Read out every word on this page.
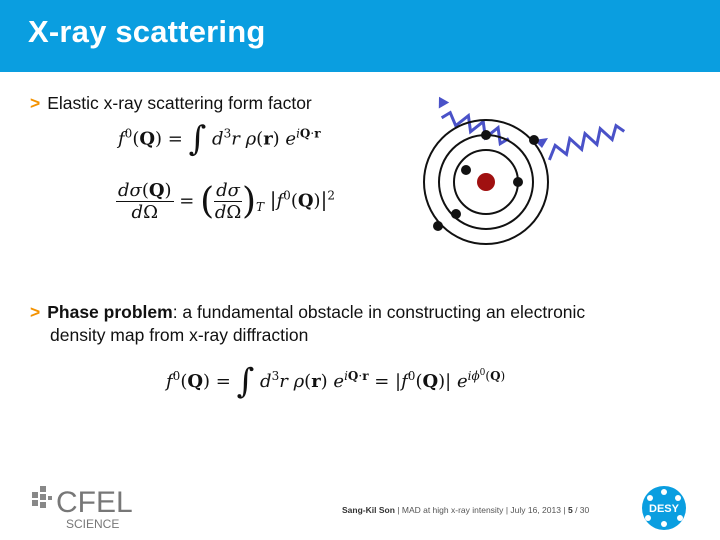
X-ray scattering
> Elastic x-ray scattering form factor
$f^0(Q)$ = ∫ $d^3r$ ρ(r) $e^{iQ\cdot r}$
$\frac{d\sigma(Q)}{d\Omega}$ = ( $\frac{d\sigma}{d\Omega} )_T$ $|f^0(Q)|^2$
> Phase problem: a fundamental obstacle in constructing an electronic
density map from x-ray diffraction
$f^0(Q)$ = ∫ $d^3r$ ρ(r) $e^{iQ\cdot r} = |f^0(Q)|$ $e^{i\phi^0(Q)}$
CFEL
SCIENCE
Sang-Kil Son | MAD at high x-ray intensity | July 16, 2013 | 5 / 30	DESY
